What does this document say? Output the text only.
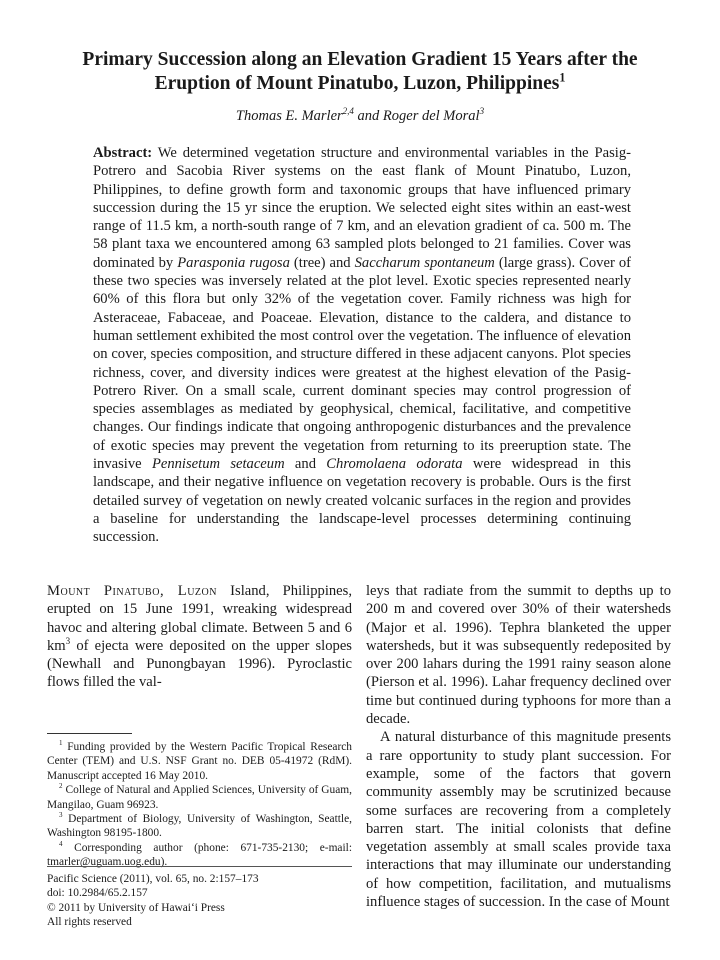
Primary Succession along an Elevation Gradient 15 Years after the Eruption of Mount Pinatubo, Luzon, Philippines$^1$
Thomas E. Marler$^{2,4}$ and Roger del Moral$^3$
Abstract: We determined vegetation structure and environmental variables in the Pasig-Potrero and Sacobia River systems on the east flank of Mount Pinatubo, Luzon, Philippines, to define growth form and taxonomic groups that have influenced primary succession during the 15 yr since the eruption. We selected eight sites within an east-west range of 11.5 km, a north-south range of 7 km, and an elevation gradient of ca. 500 m. The 58 plant taxa we encountered among 63 sampled plots belonged to 21 families. Cover was dominated by Parasponia rugosa (tree) and Saccharum spontaneum (large grass). Cover of these two species was inversely related at the plot level. Exotic species represented nearly 60% of this flora but only 32% of the vegetation cover. Family richness was high for Asteraceae, Fabaceae, and Poaceae. Elevation, distance to the caldera, and distance to human settlement exhibited the most control over the vegetation. The influence of elevation on cover, species composition, and structure differed in these adjacent canyons. Plot species richness, cover, and diversity indices were greatest at the highest elevation of the Pasig-Potrero River. On a small scale, current dominant species may control progression of species assemblages as mediated by geophysical, chemical, facilitative, and competitive changes. Our findings indicate that ongoing anthropogenic disturbances and the prevalence of exotic species may prevent the vegetation from returning to its preeruption state. The invasive Pennisetum setaceum and Chromolaena odorata were widespread in this landscape, and their negative influence on vegetation recovery is probable. Ours is the first detailed survey of vegetation on newly created volcanic surfaces in the region and provides a baseline for understanding the landscape-level processes determining continuing succession.
Mount Pinatubo, Luzon Island, Philippines, erupted on 15 June 1991, wreaking widespread havoc and altering global climate. Between 5 and 6 $km^3$ of ejecta were deposited on the upper slopes (Newhall and Punongbayan 1996). Pyroclastic flows filled the val-

$^1$ Funding provided by the Western Pacific Tropical Research Center (TEM) and U.S. NSF Grant no. DEB 05-41972 (RdM). Manuscript accepted 16 May 2010.

$^2$ College of Natural and Applied Sciences, University of Guam, Mangilao, Guam 96923.

$^3$ Department of Biology, University of Washington, Seattle, Washington 98195-1800.

$^4$ Corresponding author (phone: 671-735-2130; e-mail: tmarler@uguam.uog.edu).

Pacific Science (2011), vol. 65, no. 2:157–173
doi: 10.2984/65.2.157
© 2011 by University of Hawai‘i Press
All rights reserved

leys that radiate from the summit to depths up to 200 m and covered over 30% of their watersheds (Major et al. 1996). Tephra blanketed the upper watersheds, but it was subsequently redeposited by over 200 lahars during the 1991 rainy season alone (Pierson et al. 1996). Lahar frequency declined over time but continued during typhoons for more than a decade.

A natural disturbance of this magnitude presents a rare opportunity to study plant succession. For example, some of the factors that govern community assembly may be scrutinized because some surfaces are recovering from a completely barren start. The initial colonists that define vegetation assembly at small scales provide taxa interactions that may illuminate our understanding of how competition, facilitation, and mutualisms influence stages of succession. In the case of Mount
